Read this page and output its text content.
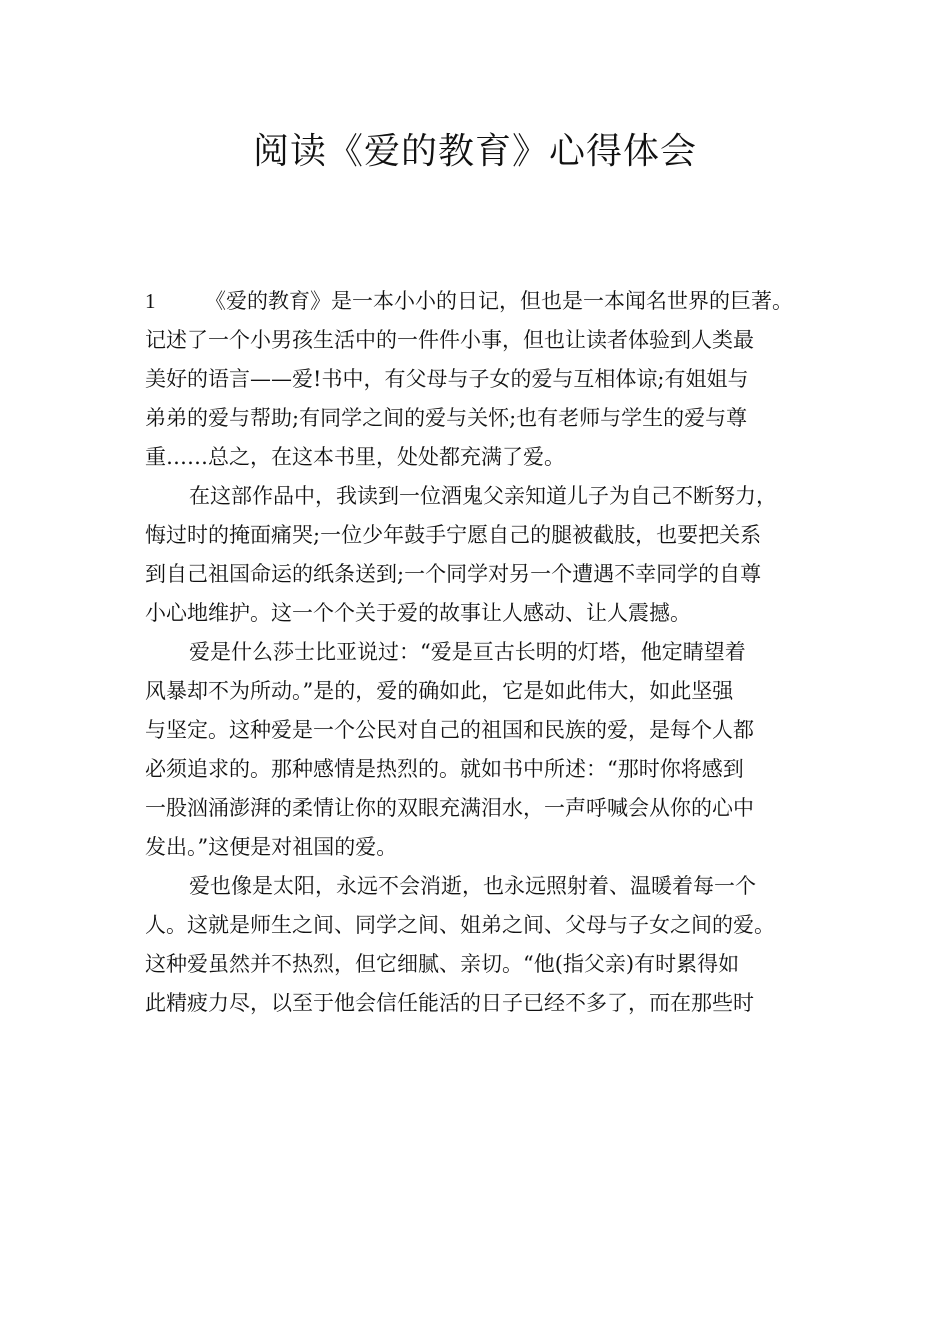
阅读《爱的教育》心得体会
1 《爱的教育》是一本小小的日记，但也是一本闻名世界的巨著。
记述了一个小男孩生活中的一件件小事，但也让读者体验到人类最
美好的语言——爱!书中，有父母与子女的爱与互相体谅;有姐姐与
弟弟的爱与帮助;有同学之间的爱与关怀;也有老师与学生的爱与尊
重……总之，在这本书里，处处都充满了爱。
在这部作品中，我读到一位酒鬼父亲知道儿子为自己不断努力，
悔过时的掩面痛哭;一位少年鼓手宁愿自己的腿被截肢，也要把关系
到自己祖国命运的纸条送到;一个同学对另一个遭遇不幸同学的自尊
小心地维护。这一个个关于爱的故事让人感动、让人震撼。
爱是什么莎士比亚说过：“爱是亘古长明的灯塔，他定睛望着
风暴却不为所动。”是的，爱的确如此，它是如此伟大，如此坚强
与坚定。这种爱是一个公民对自己的祖国和民族的爱，是每个人都
必须追求的。那种感情是热烈的。就如书中所述：“那时你将感到
一股汹涌澎湃的柔情让你的双眼充满泪水，一声呼喊会从你的心中
发出。”这便是对祖国的爱。
爱也像是太阳，永远不会消逝，也永远照射着、温暖着每一个
人。这就是师生之间、同学之间、姐弟之间、父母与子女之间的爱。
这种爱虽然并不热烈，但它细腻、亲切。“他(指父亲)有时累得如
此精疲力尽，以至于他会信任能活的日子已经不多了，而在那些时
